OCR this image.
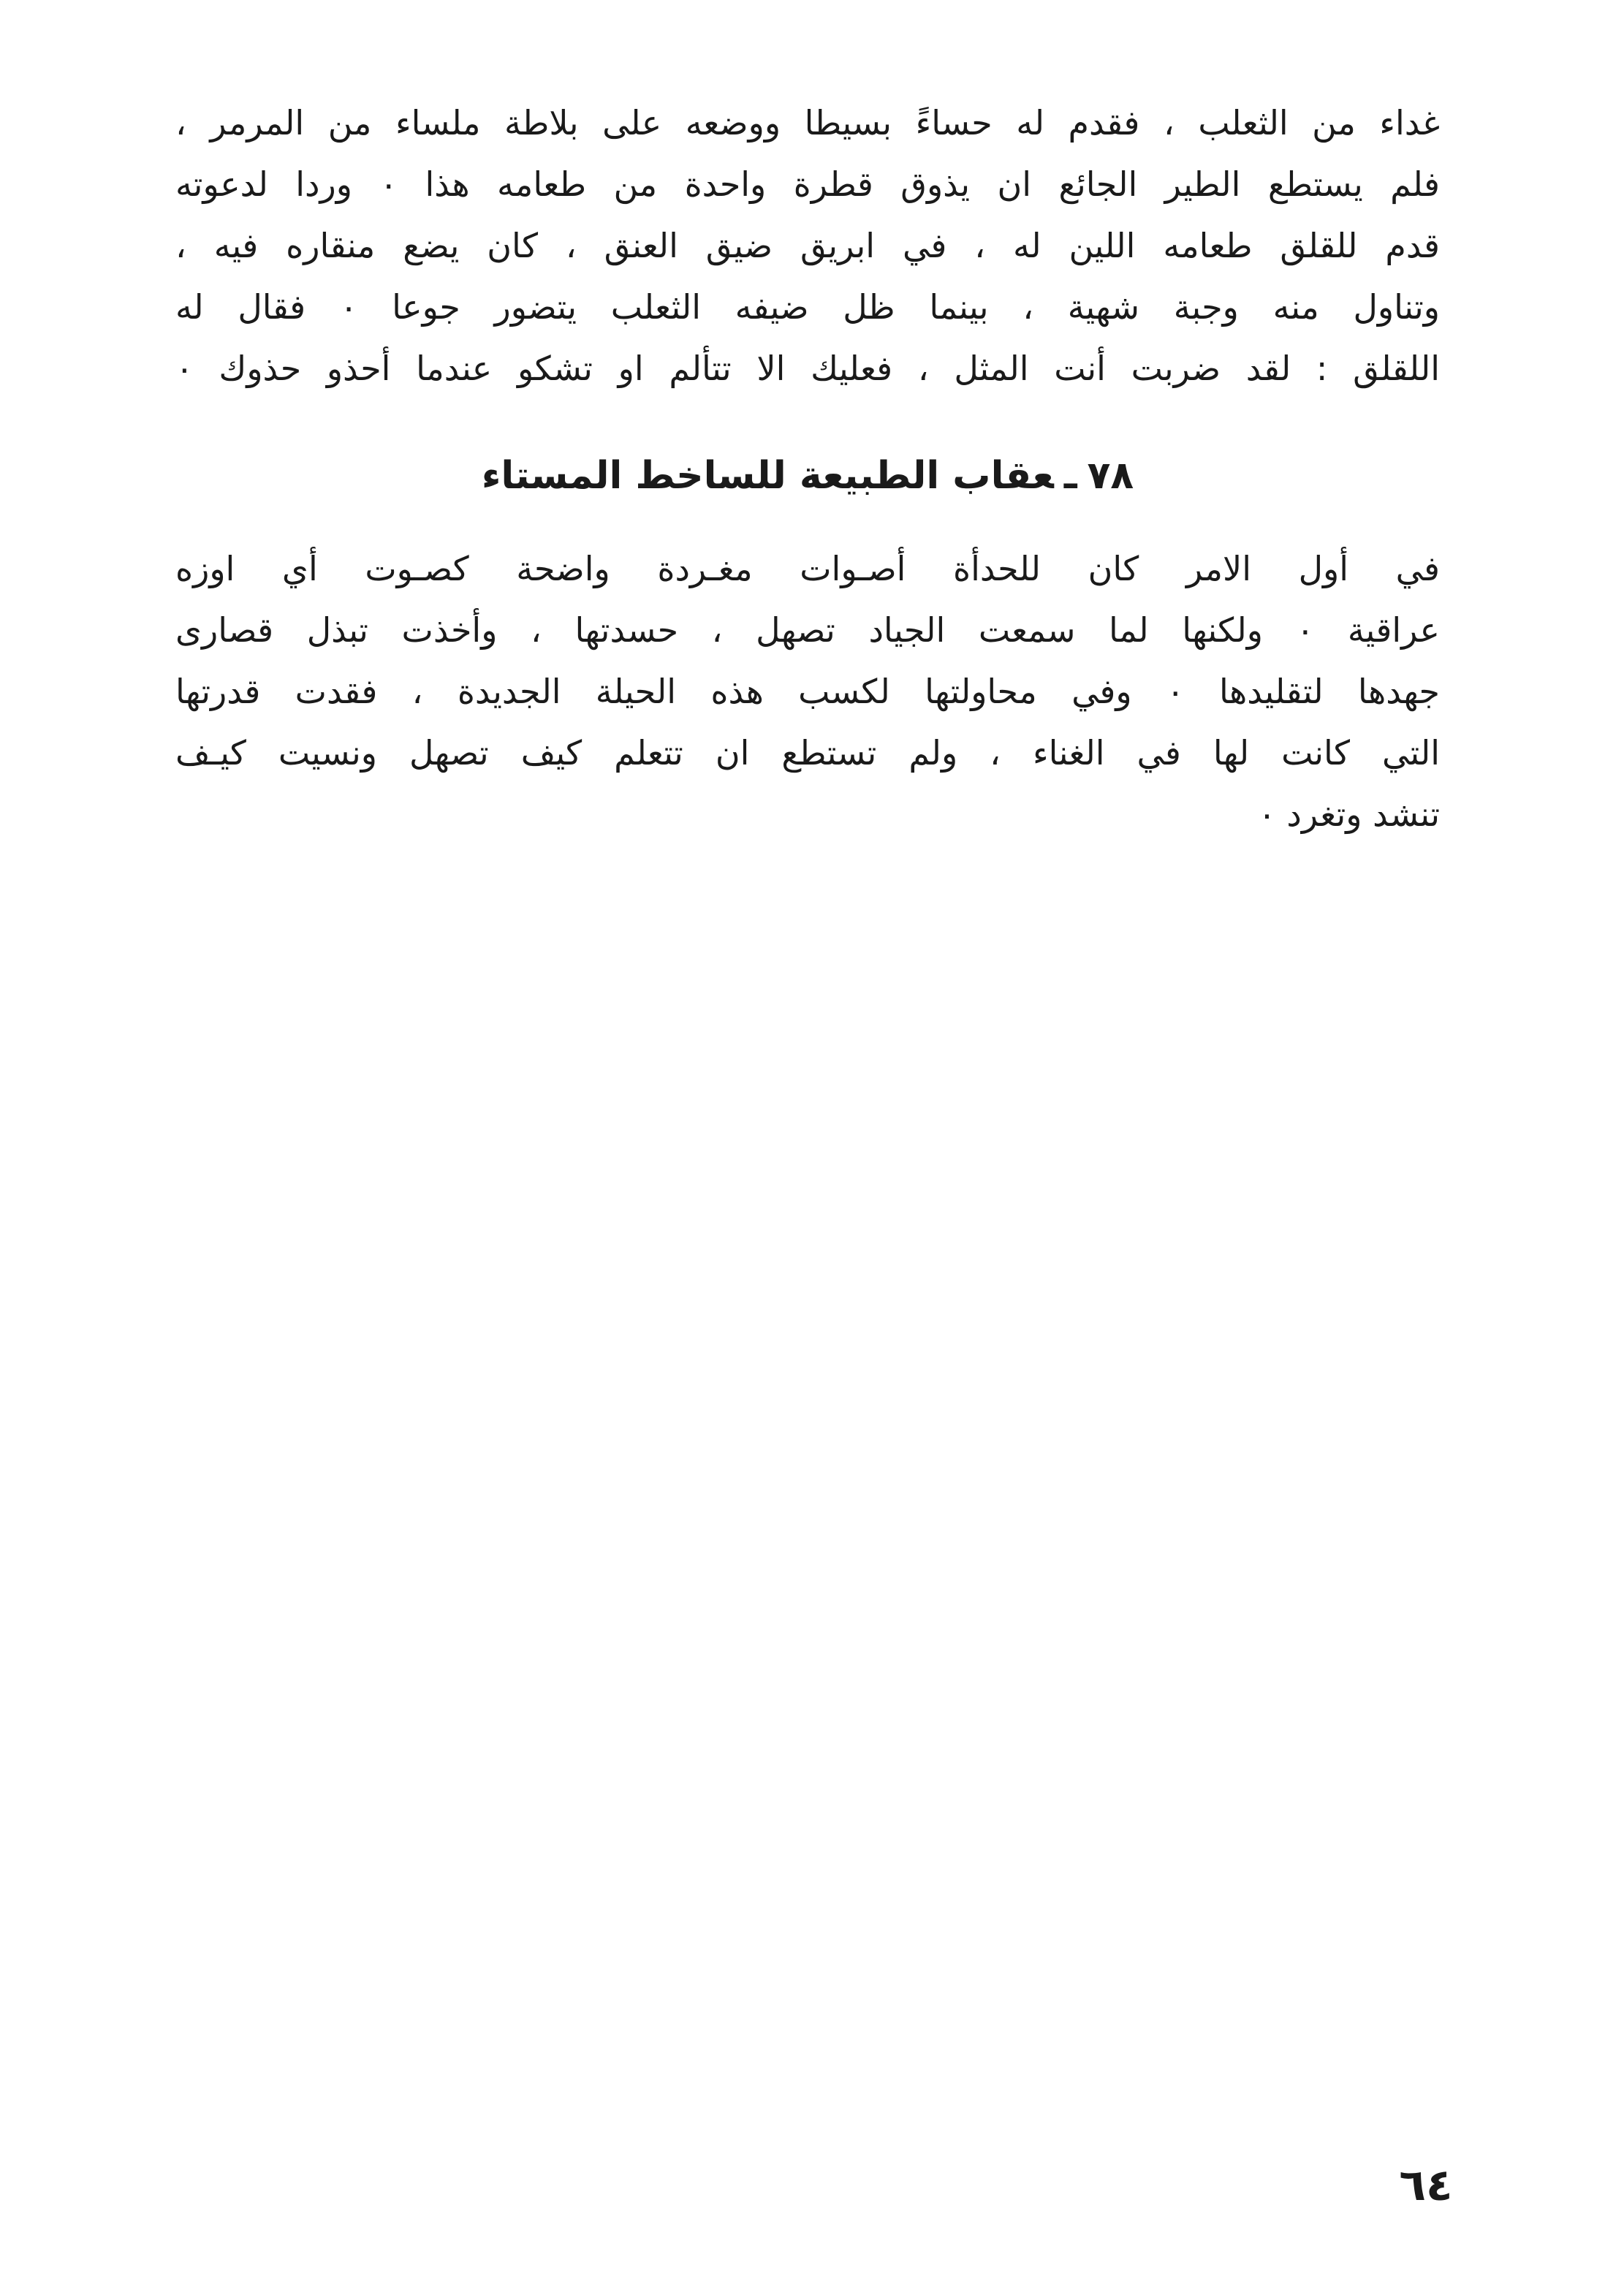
غداء من الثعلب ، فقدم له حساءً بسيطا ووضعه على بلاطة ملساء من المرمر ،
فلم يستطع الطير الجائع ان يذوق قطرة واحدة من طعامه هذا ٠ وردا لدعوته
قدم للقلق طعامه اللين له ، في ابريق ضيق العنق ، كان يضع منقاره فيه ،
وتناول منه وجبة شهية ، بينما ظل ضيفه الثعلب يتضور جوعا ٠ فقال له
اللقلق : لقد ضربت أنت المثل ، فعليك الا تتألم او تشكو عندما أحذو حذوك ٠
٧٨ـعقاب الطبيعة للساخط المستاء
في أول الامر كان للحدأة أصـوات مغـردة واضحة كصـوت أي اوزه
عراقية ٠ ولكنها لما سمعت الجياد تصهل ، حسدتها ، وأخذت تبذل قصارى
جهدها لتقليدها ٠ وفي محاولتها لكسب هذه الحيلة الجديدة ، فقدت قدرتها
التي كانت لها في الغناء ، ولم تستطع ان تتعلم كيف تصهل ونسيت كيـف
تنشد وتغرد ٠
٦٤
